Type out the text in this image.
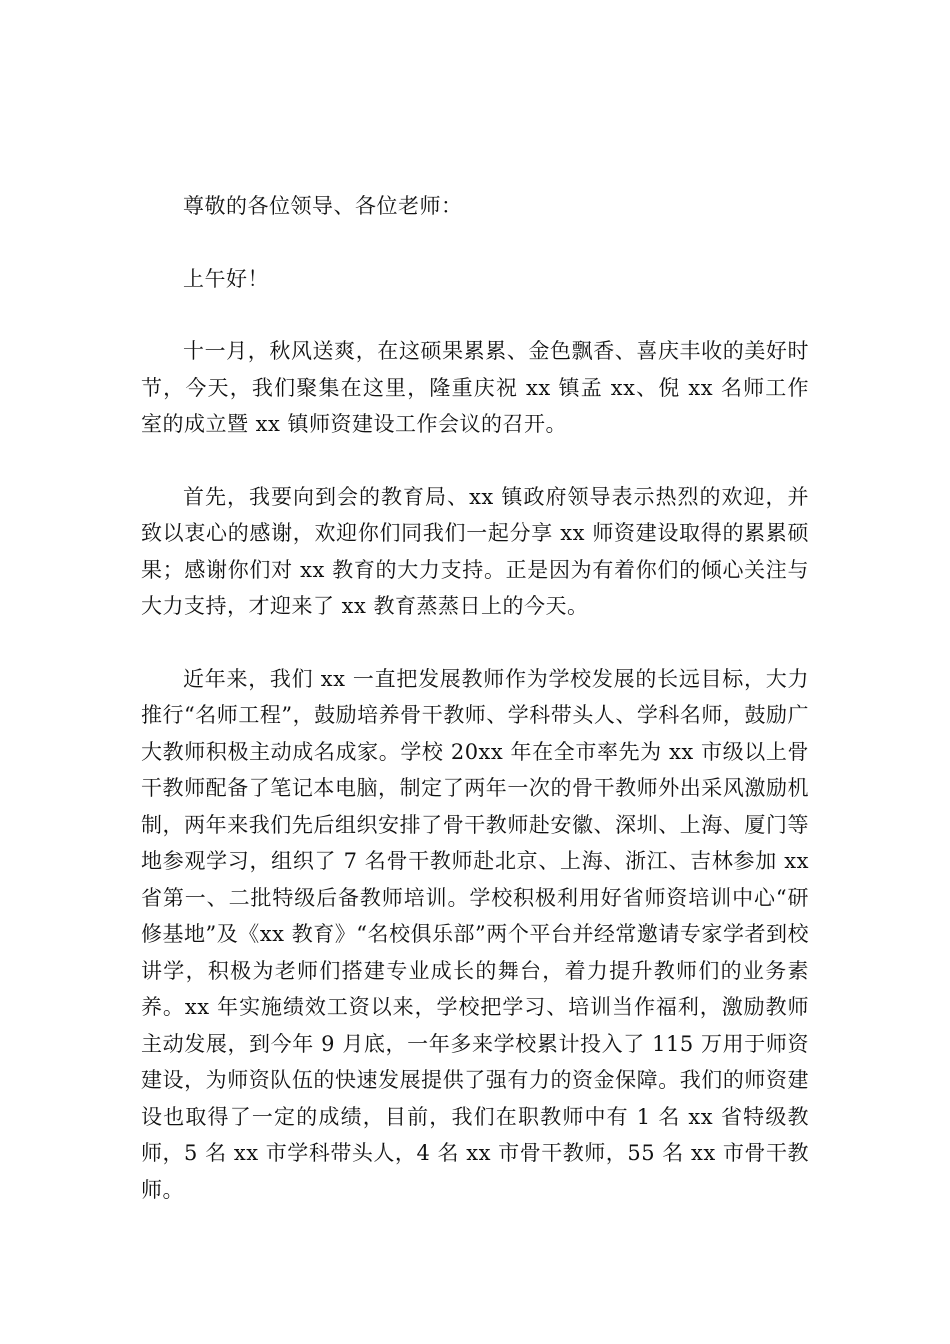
尊敬的各位领导、各位老师：

上午好！

十一月，秋风送爽，在这硕果累累、金色飘香、喜庆丰收的美好时节，今天，我们聚集在这里，隆重庆祝 xx 镇孟 xx、倪 xx 名师工作室的成立暨 xx 镇师资建设工作会议的召开。

首先，我要向到会的教育局、xx 镇政府领导表示热烈的欢迎，并致以衷心的感谢，欢迎你们同我们一起分享 xx 师资建设取得的累累硕果；感谢你们对 xx 教育的大力支持。正是因为有着你们的倾心关注与大力支持，才迎来了 xx 教育蒸蒸日上的今天。

近年来，我们 xx 一直把发展教师作为学校发展的长远目标，大力推行“名师工程”，鼓励培养骨干教师、学科带头人、学科名师，鼓励广大教师积极主动成名成家。学校 20xx 年在全市率先为 xx 市级以上骨干教师配备了笔记本电脑，制定了两年一次的骨干教师外出采风激励机制，两年来我们先后组织安排了骨干教师赴安徽、深圳、上海、厦门等地参观学习，组织了 7 名骨干教师赴北京、上海、浙江、吉林参加 xx 省第一、二批特级后备教师培训。学校积极利用好省师资培训中心“研修基地”及《xx 教育》“名校俱乐部”两个平台并经常邀请专家学者到校讲学，积极为老师们搭建专业成长的舞台，着力提升教师们的业务素养。xx 年实施绩效工资以来，学校把学习、培训当作福利，激励教师主动发展，到今年 9 月底，一年多来学校累计投入了 115 万用于师资建设，为师资队伍的快速发展提供了强有力的资金保障。我们的师资建设也取得了一定的成绩，目前，我们在职教师中有 1 名 xx 省特级教师，5 名 xx 市学科带头人，4 名 xx 市骨干教师，55 名 xx 市骨干教师。
